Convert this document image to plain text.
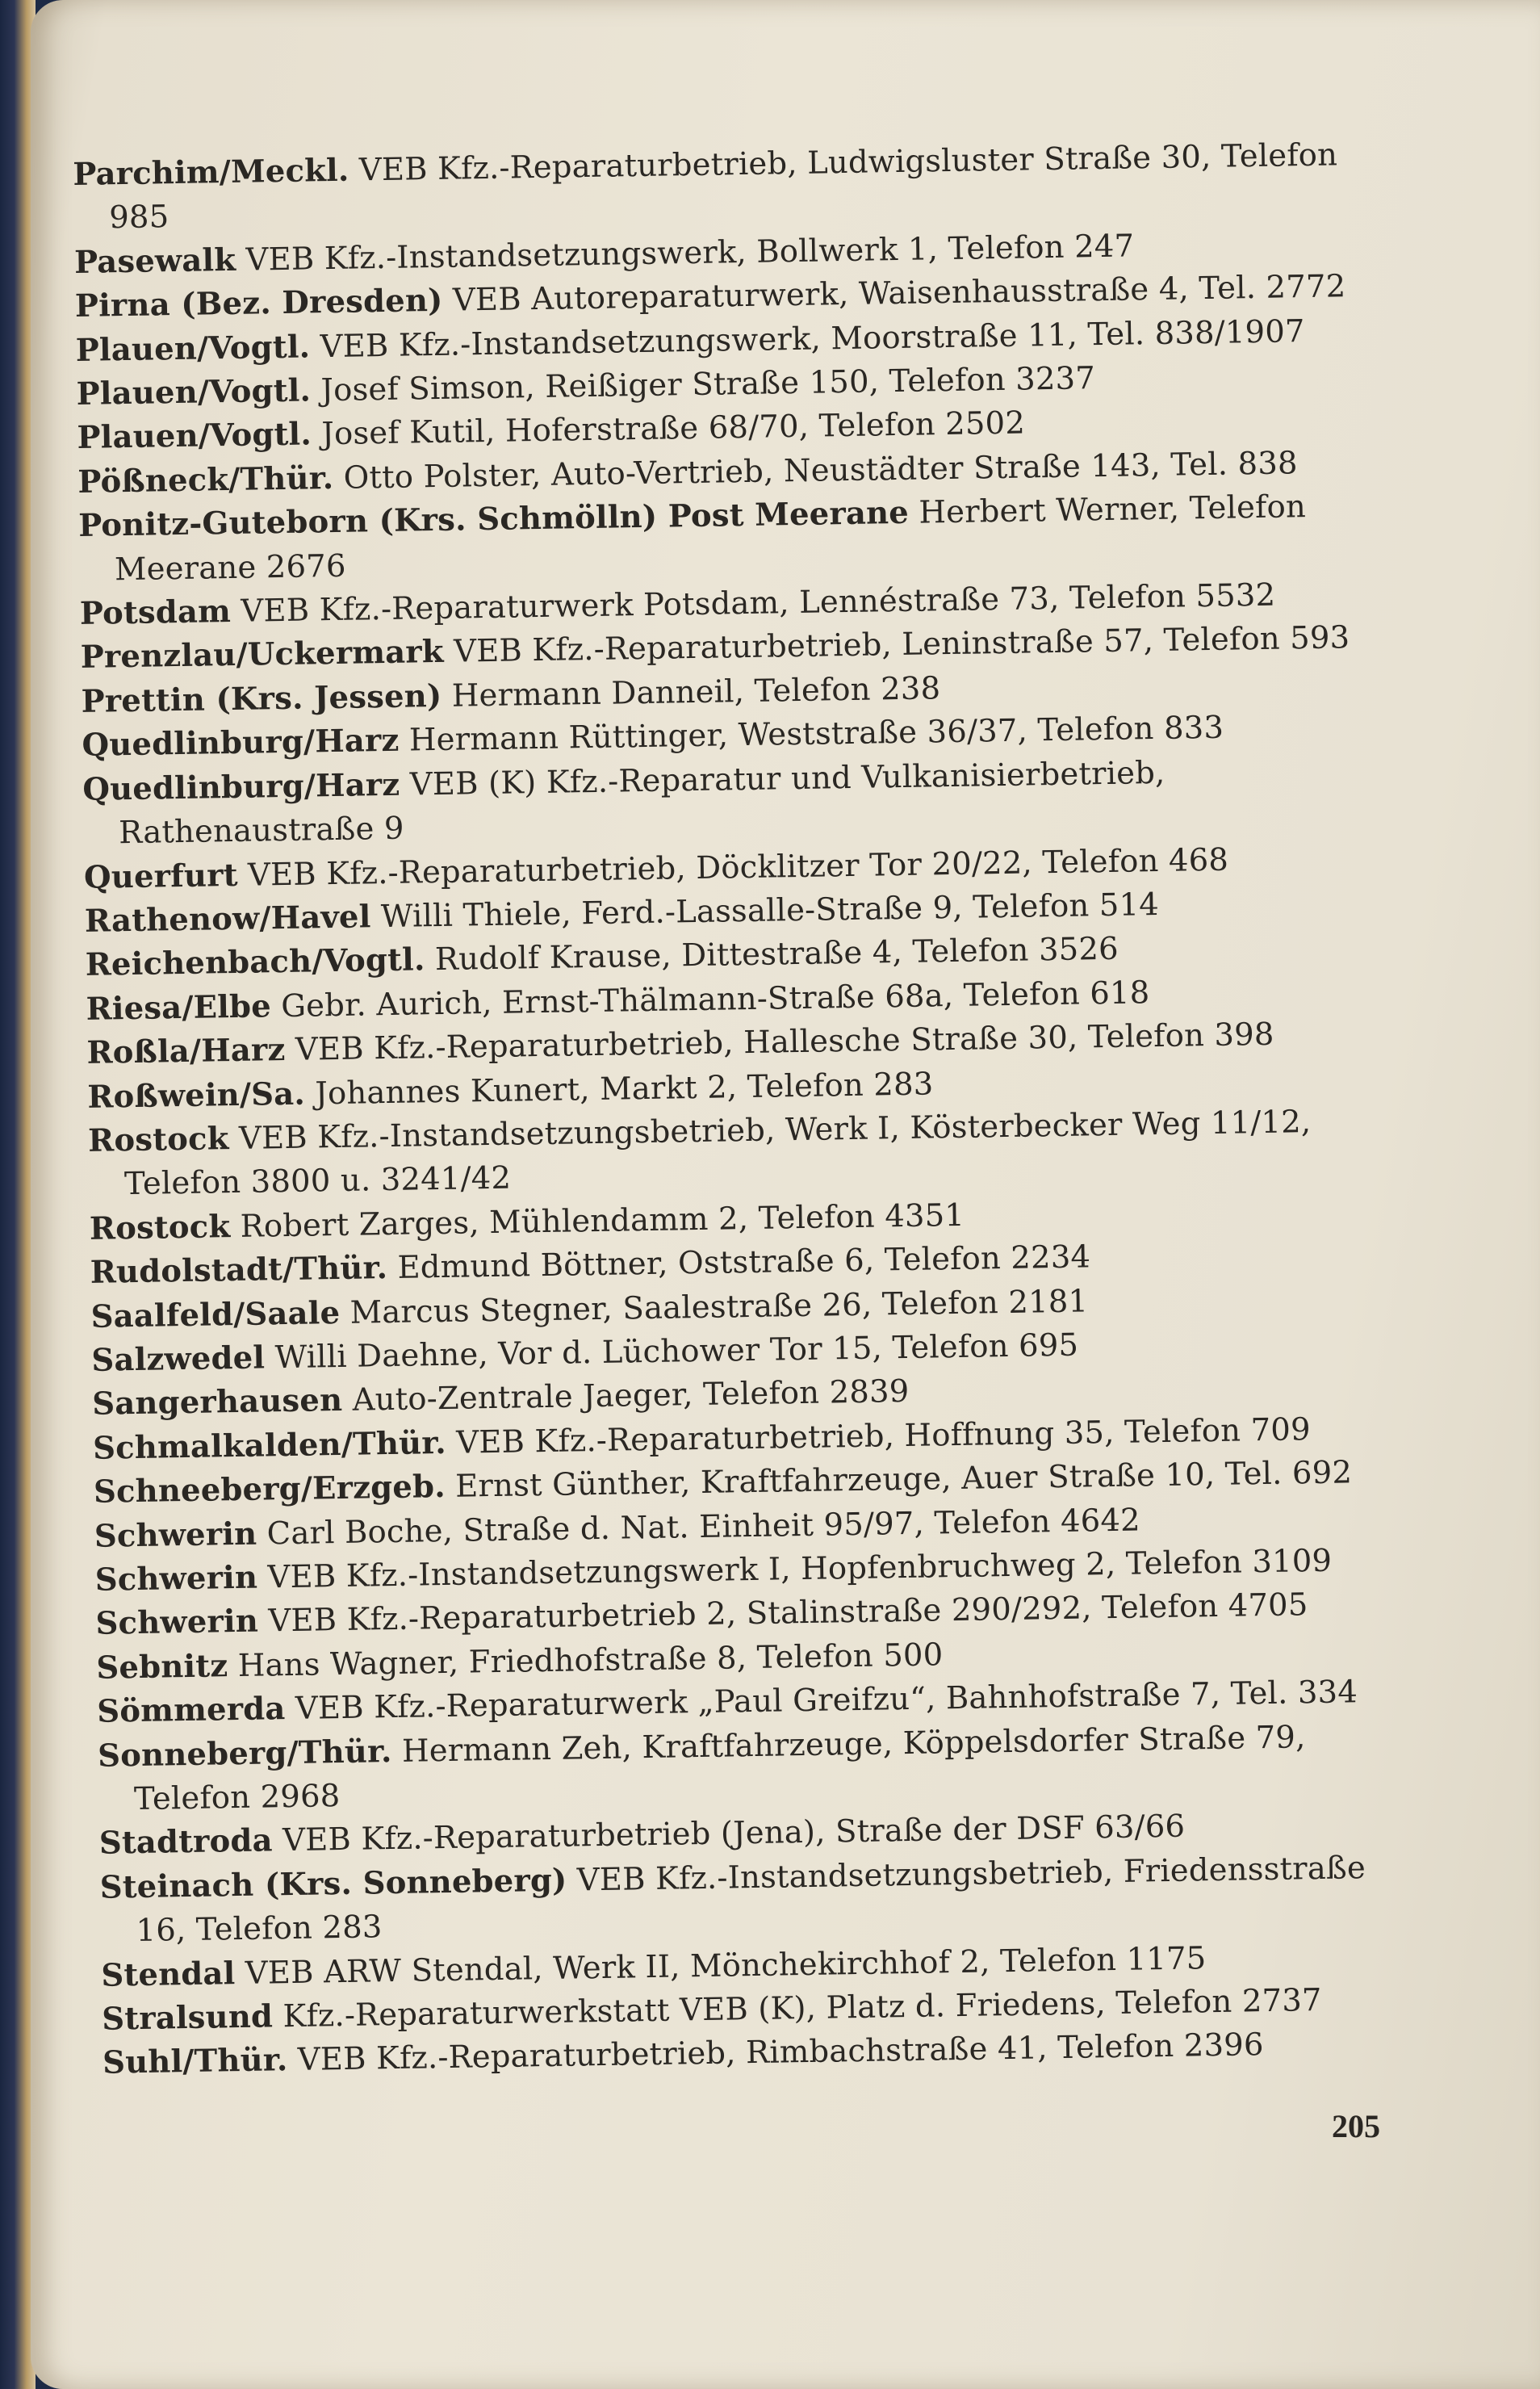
Parchim/Meckl. VEB Kfz.-Reparaturbetrieb, Ludwigsluster Straße 30, Telefon 985
Pasewalk VEB Kfz.-Instandsetzungswerk, Bollwerk 1, Telefon 247
Pirna (Bez. Dresden) VEB Autoreparaturwerk, Waisenhausstraße 4, Tel. 2772
Plauen/Vogtl. VEB Kfz.-Instandsetzungswerk, Moorstraße 11, Tel. 838/1907
Plauen/Vogtl. Josef Simson, Reißiger Straße 150, Telefon 3237
Plauen/Vogtl. Josef Kutil, Hoferstraße 68/70, Telefon 2502
Pößneck/Thür. Otto Polster, Auto-Vertrieb, Neustädter Straße 143, Tel. 838
Ponitz-Guteborn (Krs. Schmölln) Post Meerane Herbert Werner, Telefon Meerane 2676
Potsdam VEB Kfz.-Reparaturwerk Potsdam, Lennéstraße 73, Telefon 5532
Prenzlau/Uckermark VEB Kfz.-Reparaturbetrieb, Leninstraße 57, Telefon 593
Prettin (Krs. Jessen) Hermann Danneil, Telefon 238
Quedlinburg/Harz Hermann Rüttinger, Weststraße 36/37, Telefon 833
Quedlinburg/Harz VEB (K) Kfz.-Reparatur und Vulkanisierbetrieb, Rathenaustraße 9
Querfurt VEB Kfz.-Reparaturbetrieb, Döcklitzer Tor 20/22, Telefon 468
Rathenow/Havel Willi Thiele, Ferd.-Lassalle-Straße 9, Telefon 514
Reichenbach/Vogtl. Rudolf Krause, Dittestraße 4, Telefon 3526
Riesa/Elbe Gebr. Aurich, Ernst-Thälmann-Straße 68a, Telefon 618
Roßla/Harz VEB Kfz.-Reparaturbetrieb, Hallesche Straße 30, Telefon 398
Roßwein/Sa. Johannes Kunert, Markt 2, Telefon 283
Rostock VEB Kfz.-Instandsetzungsbetrieb, Werk I, Kösterbecker Weg 11/12, Telefon 3800 u. 3241/42
Rostock Robert Zarges, Mühlendamm 2, Telefon 4351
Rudolstadt/Thür. Edmund Böttner, Oststraße 6, Telefon 2234
Saalfeld/Saale Marcus Stegner, Saalestraße 26, Telefon 2181
Salzwedel Willi Daehne, Vor d. Lüchower Tor 15, Telefon 695
Sangerhausen Auto-Zentrale Jaeger, Telefon 2839
Schmalkalden/Thür. VEB Kfz.-Reparaturbetrieb, Hoffnung 35, Telefon 709
Schneeberg/Erzgeb. Ernst Günther, Kraftfahrzeuge, Auer Straße 10, Tel. 692
Schwerin Carl Boche, Straße d. Nat. Einheit 95/97, Telefon 4642
Schwerin VEB Kfz.-Instandsetzungswerk I, Hopfenbruchweg 2, Telefon 3109
Schwerin VEB Kfz.-Reparaturbetrieb 2, Stalinstraße 290/292, Telefon 4705
Sebnitz Hans Wagner, Friedhofstraße 8, Telefon 500
Sömmerda VEB Kfz.-Reparaturwerk „Paul Greifzu“, Bahnhofstraße 7, Tel. 334
Sonneberg/Thür. Hermann Zeh, Kraftfahrzeuge, Köppelsdorfer Straße 79, Telefon 2968
Stadtroda VEB Kfz.-Reparaturbetrieb (Jena), Straße der DSF 63/66
Steinach (Krs. Sonneberg) VEB Kfz.-Instandsetzungsbetrieb, Friedensstraße 16, Telefon 283
Stendal VEB ARW Stendal, Werk II, Mönchekirchhof 2, Telefon 1175
Stralsund Kfz.-Reparaturwerkstatt VEB (K), Platz d. Friedens, Telefon 2737
Suhl/Thür. VEB Kfz.-Reparaturbetrieb, Rimbachstraße 41, Telefon 2396
205
